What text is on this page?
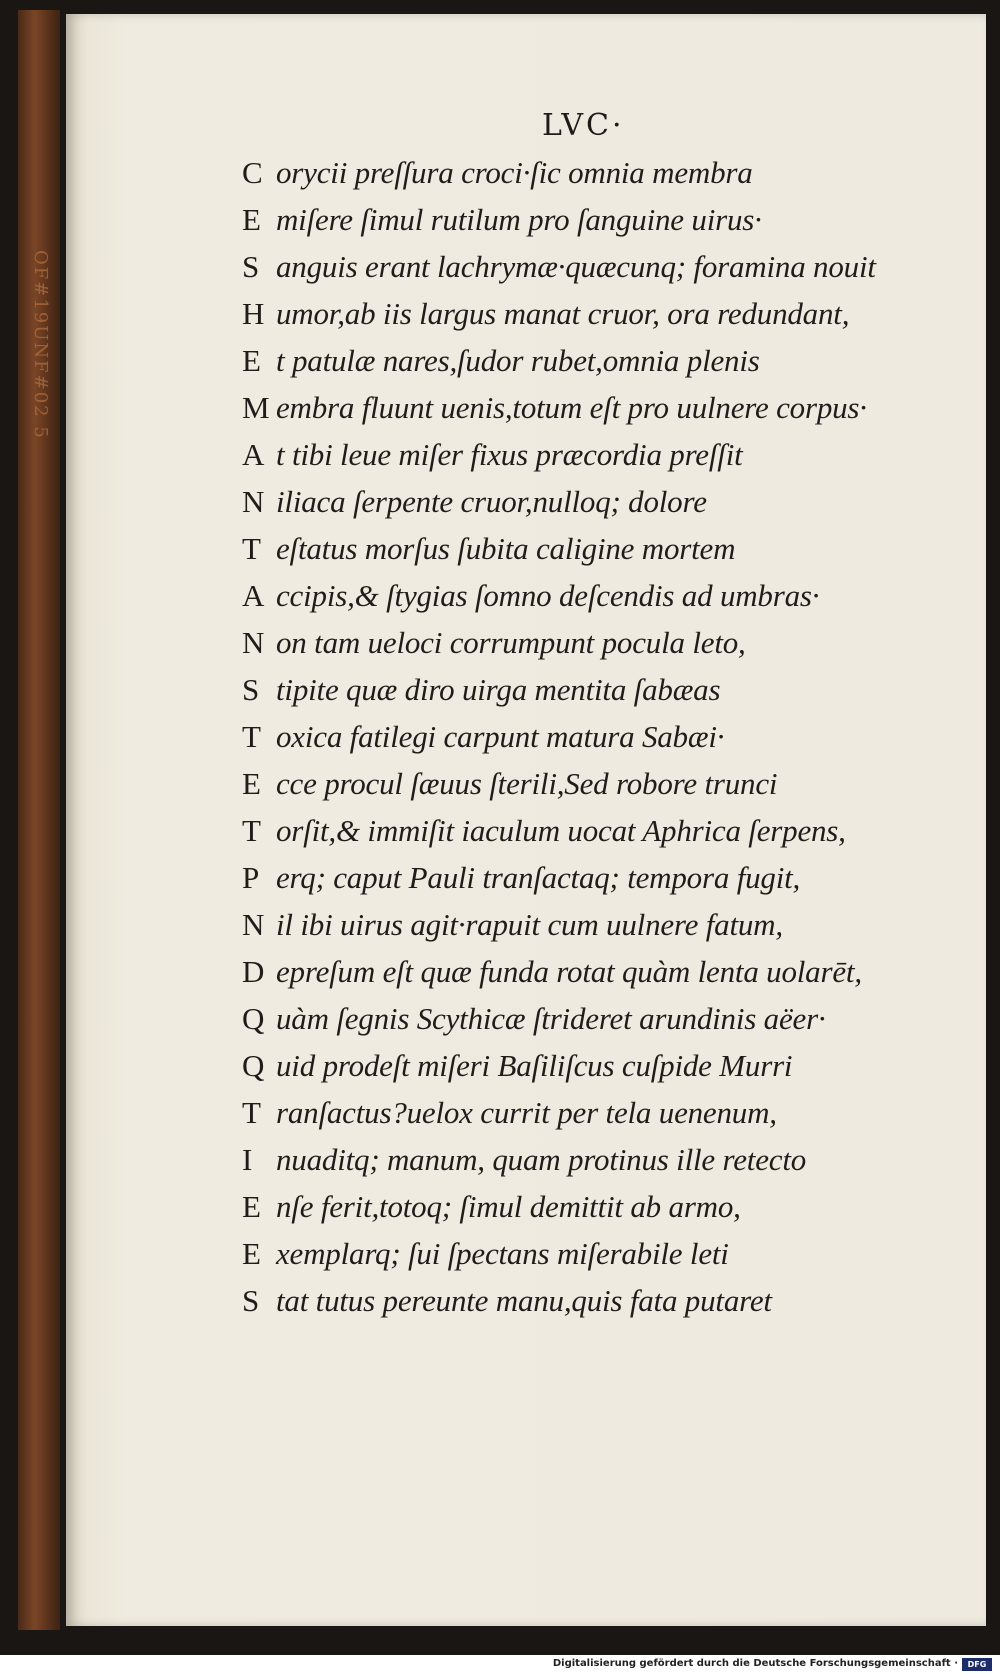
OF#19UNF#02 5
LVC·
C orycii preſſura croci·ſic omnia membra
E miſere ſimul rutilum pro ſanguine uirus·
S anguis erant lachrymæ·quæcunq; foramina nouit
H umor,ab iis largus manat cruor, ora redundant,
E t patulæ nares,ſudor rubet,omnia plenis
M embra fluunt uenis,totum eſt pro uulnere corpus·
A t tibi leue miſer fixus præcordia preſſit
N iliaca ſerpente cruor,nulloq; dolore
T eſtatus morſus ſubita caligine mortem
A ccipis,& ſtygias ſomno deſcendis ad umbras·
N on tam ueloci corrumpunt pocula leto,
S tipite quæ diro uirga mentita ſabæas
T oxica fatilegi carpunt matura Sabæi·
E cce procul ſæuus ſterili,Sed robore trunci
T orſit,& immiſit iaculum uocat Aphrica ſerpens,
P erq; caput Pauli tranſactaq; tempora fugit,
N il ibi uirus agit·rapuit cum uulnere fatum,
D epreſum eſt quæ funda rotat quàm lenta uolarēt,
Q uàm ſegnis Scythicæ ſtrideret arundinis aëer·
Q uid prodeſt miſeri Baſiliſcus cuſpide Murri
T ranſactus?uelox currit per tela uenenum,
I nuaditq; manum, quam protinus ille retecto
E nſe ferit,totoq; ſimul demittit ab armo,
E xemplarq; ſui ſpectans miſerabile leti
S tat tutus pereunte manu,quis fata putaret
Digitalisierung gefördert durch die Deutsche Forschungsgemeinschaft ·	DFG
